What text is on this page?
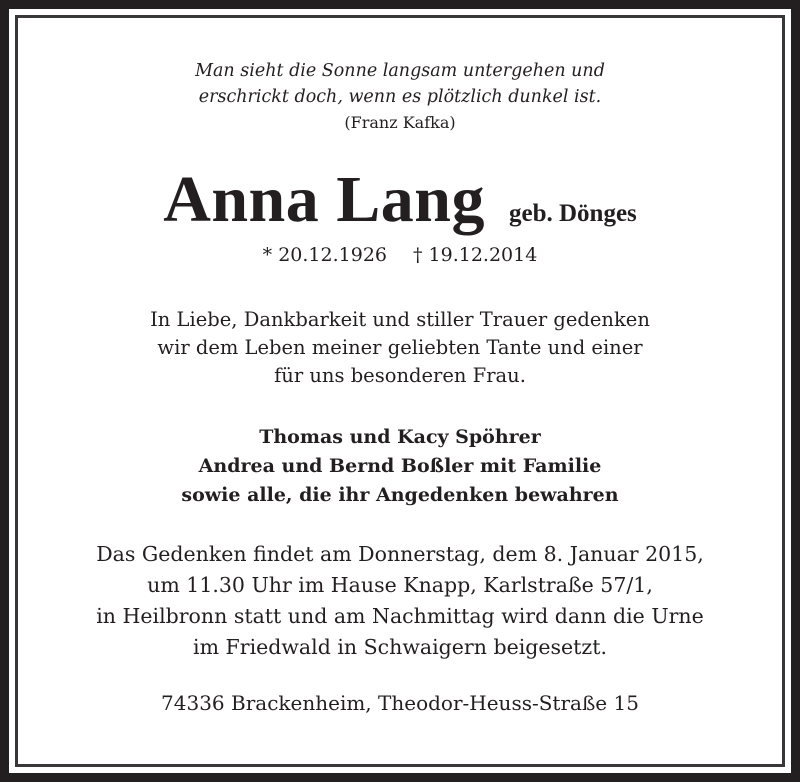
Man sieht die Sonne langsam untergehen und
erschrickt doch, wenn es plötzlich dunkel ist.
(Franz Kafka)
Anna Lang geb. Dönges
* 20.12.1926 † 19.12.2014
In Liebe, Dankbarkeit und stiller Trauer gedenken
wir dem Leben meiner geliebten Tante und einer
für uns besonderen Frau.
Thomas und Kacy Spöhrer
Andrea und Bernd Boßler mit Familie
sowie alle, die ihr Angedenken bewahren
Das Gedenken findet am Donnerstag, dem 8. Januar 2015,
um 11.30 Uhr im Hause Knapp, Karlstraße 57/1,
in Heilbronn statt und am Nachmittag wird dann die Urne
im Friedwald in Schwaigern beigesetzt.
74336 Brackenheim, Theodor-Heuss-Straße 15
